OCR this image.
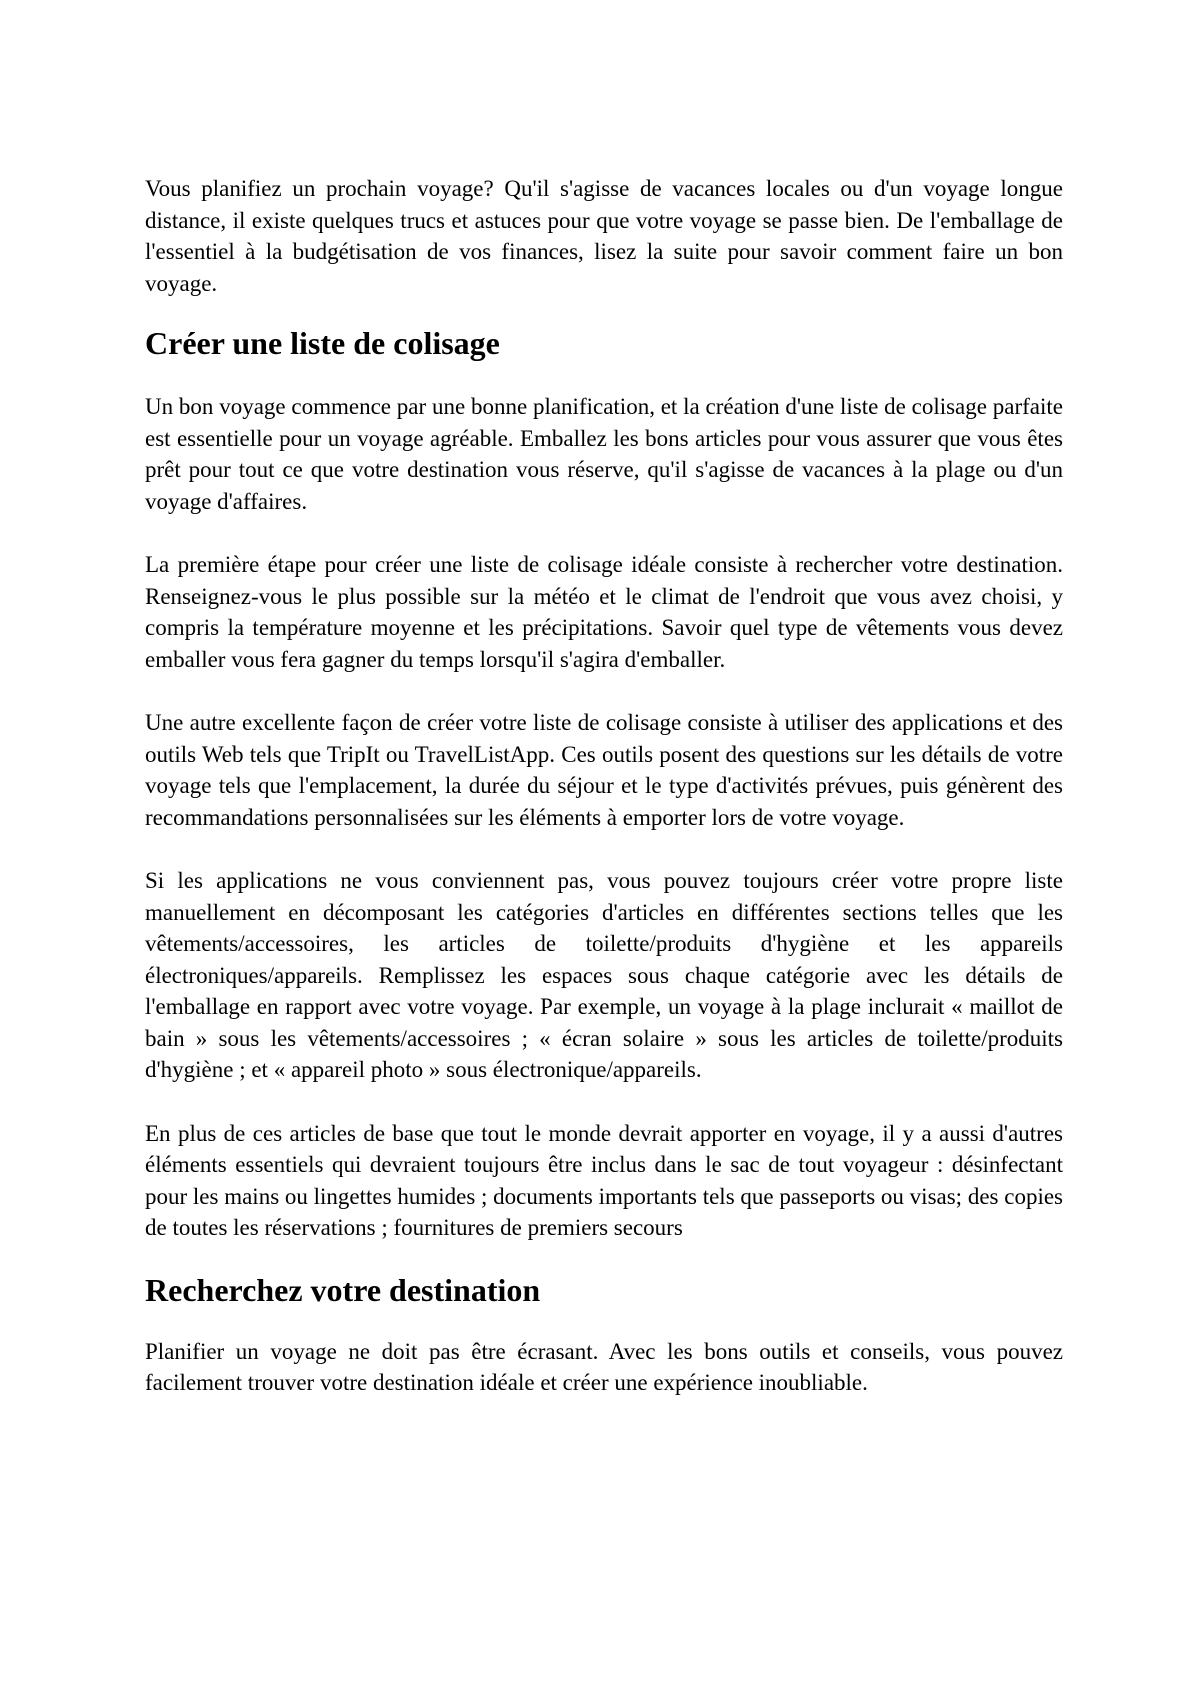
Vous planifiez un prochain voyage? Qu'il s'agisse de vacances locales ou d'un voyage longue distance, il existe quelques trucs et astuces pour que votre voyage se passe bien. De l'emballage de l'essentiel à la budgétisation de vos finances, lisez la suite pour savoir comment faire un bon voyage.

Créer une liste de colisage

Un bon voyage commence par une bonne planification, et la création d'une liste de colisage parfaite est essentielle pour un voyage agréable. Emballez les bons articles pour vous assurer que vous êtes prêt pour tout ce que votre destination vous réserve, qu'il s'agisse de vacances à la plage ou d'un voyage d'affaires.

La première étape pour créer une liste de colisage idéale consiste à rechercher votre destination. Renseignez-vous le plus possible sur la météo et le climat de l'endroit que vous avez choisi, y compris la température moyenne et les précipitations. Savoir quel type de vêtements vous devez emballer vous fera gagner du temps lorsqu'il s'agira d'emballer.

Une autre excellente façon de créer votre liste de colisage consiste à utiliser des applications et des outils Web tels que TripIt ou TravelListApp. Ces outils posent des questions sur les détails de votre voyage tels que l'emplacement, la durée du séjour et le type d'activités prévues, puis génèrent des recommandations personnalisées sur les éléments à emporter lors de votre voyage.

Si les applications ne vous conviennent pas, vous pouvez toujours créer votre propre liste manuellement en décomposant les catégories d'articles en différentes sections telles que les vêtements/accessoires, les articles de toilette/produits d'hygiène et les appareils électroniques/appareils. Remplissez les espaces sous chaque catégorie avec les détails de l'emballage en rapport avec votre voyage. Par exemple, un voyage à la plage inclurait « maillot de bain » sous les vêtements/accessoires ; « écran solaire » sous les articles de toilette/produits d'hygiène ; et « appareil photo » sous électronique/appareils.

En plus de ces articles de base que tout le monde devrait apporter en voyage, il y a aussi d'autres éléments essentiels qui devraient toujours être inclus dans le sac de tout voyageur : désinfectant pour les mains ou lingettes humides ; documents importants tels que passeports ou visas; des copies de toutes les réservations ; fournitures de premiers secours

Recherchez votre destination

Planifier un voyage ne doit pas être écrasant. Avec les bons outils et conseils, vous pouvez facilement trouver votre destination idéale et créer une expérience inoubliable.
